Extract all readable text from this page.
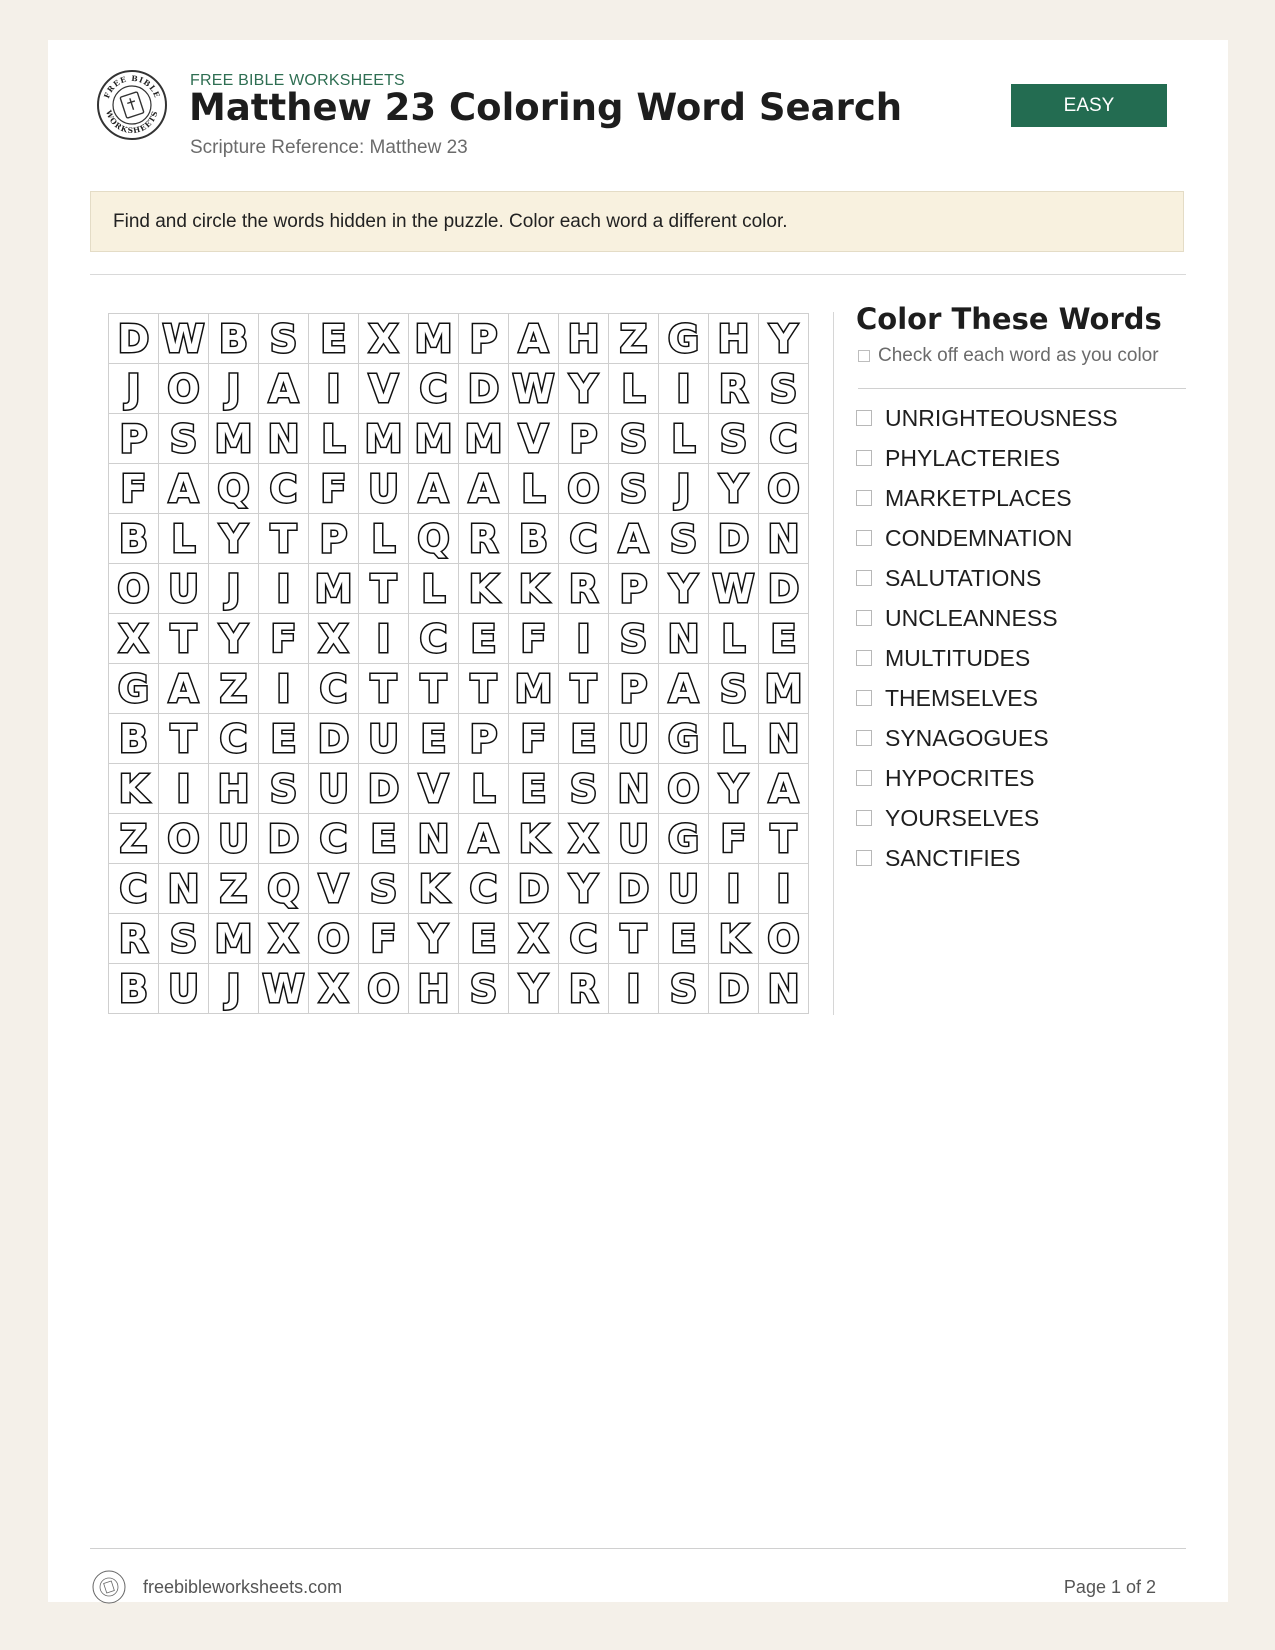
FREE BIBLE
WORKSHEETS
FREE BIBLE WORKSHEETS
Matthew 23 Coloring Word Search
Scripture Reference: Matthew 23
EASY
Find and circle the words hidden in the puzzle. Color each word a different color.
D W B S E X M P A H Z G H Y
J O J A I V C D W Y L I R S
P S M N L M M M V P S L S C
F A Q C F U A A L O S J Y O
B L Y T P L Q R B C A S D N
O U J I M T L K K R P Y W D
X T Y F X I C E F I S N L E
G A Z I C T T T M T P A S M
B T C E D U E P F E U G L N
K I H S U D V L E S N O Y A
Z O U D C E N A K X U G F T
C N Z Q V S K C D Y D U I I
R S M X O F Y E X C T E K O
B U J W X O H S Y R I S D N
Color These Words
Check off each word as you color
UNRIGHTEOUSNESS
PHYLACTERIES
MARKETPLACES
CONDEMNATION
SALUTATIONS
UNCLEANNESS
MULTITUDES
THEMSELVES
SYNAGOGUES
HYPOCRITES
YOURSELVES
SANCTIFIES
freebibleworksheets.com	Page 1 of 2
